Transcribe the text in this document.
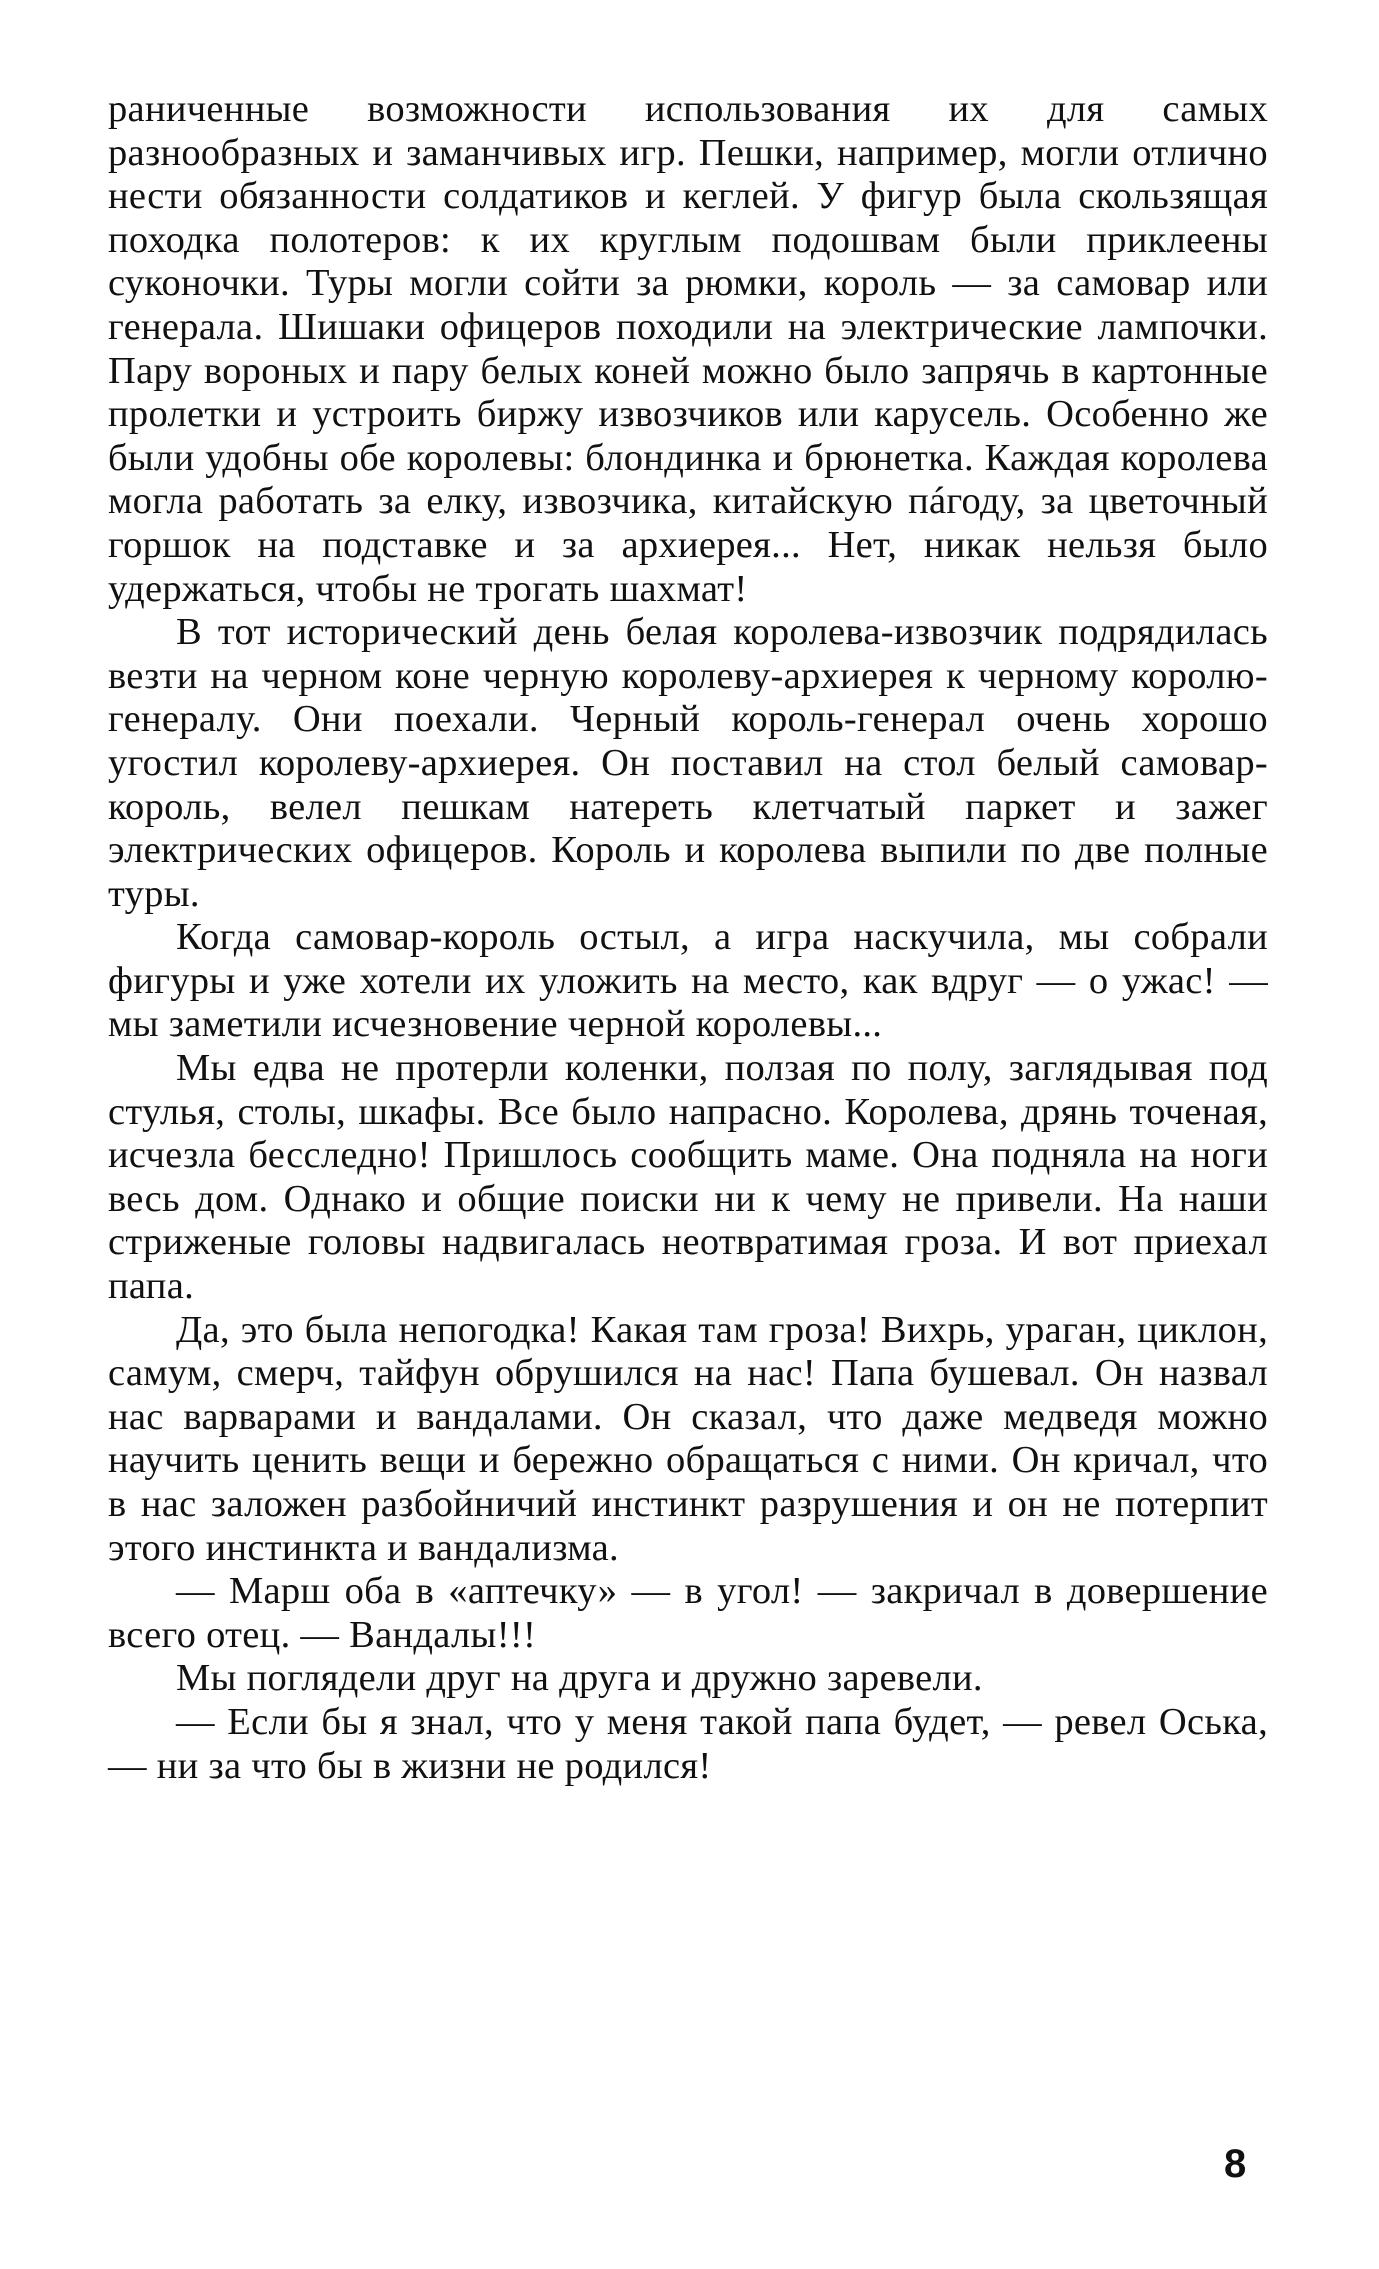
раниченные возможности использования их для самых разнообразных и заманчивых игр. Пешки, например, могли отлично нести обязанности солдатиков и кеглей. У фигур была скользящая походка полотеров: к их круглым подошвам были приклеены суконочки. Туры могли сойти за рюмки, король — за самовар или генерала. Шишаки офицеров походили на электрические лампочки. Пару вороных и пару белых коней можно было запрячь в картонные пролетки и устроить биржу извозчиков или карусель. Особенно же были удобны обе королевы: блондинка и брюнетка. Каждая королева могла работать за елку, извозчика, китайскую пáгоду, за цветочный горшок на подставке и за архиерея... Нет, никак нельзя было удержаться, чтобы не трогать шахмат!

В тот исторический день белая королева-извозчик подрядилась везти на черном коне черную королеву-архиерея к черному королю-генералу. Они поехали. Черный король-генерал очень хорошо угостил королеву-архиерея. Он поставил на стол белый самовар-король, велел пешкам натереть клетчатый паркет и зажег электрических офицеров. Король и королева выпили по две полные туры.

Когда самовар-король остыл, а игра наскучила, мы собрали фигуры и уже хотели их уложить на место, как вдруг — о ужас! — мы заметили исчезновение черной королевы...

Мы едва не протерли коленки, ползая по полу, заглядывая под стулья, столы, шкафы. Все было напрасно. Королева, дрянь точеная, исчезла бесследно! Пришлось сообщить маме. Она подняла на ноги весь дом. Однако и общие поиски ни к чему не привели. На наши стриженые головы надвигалась неотвратимая гроза. И вот приехал папа.

Да, это была непогодка! Какая там гроза! Вихрь, ураган, циклон, самум, смерч, тайфун обрушился на нас! Папа бушевал. Он назвал нас варварами и вандалами. Он сказал, что даже медведя можно научить ценить вещи и бережно обращаться с ними. Он кричал, что в нас заложен разбойничий инстинкт разрушения и он не потерпит этого инстинкта и вандализма.

— Марш оба в «аптечку» — в угол! — закричал в довершение всего отец. — Вандалы!!!

Мы поглядели друг на друга и дружно заревели.

— Если бы я знал, что у меня такой папа будет, — ревел Оська, — ни за что бы в жизни не родился!

8
